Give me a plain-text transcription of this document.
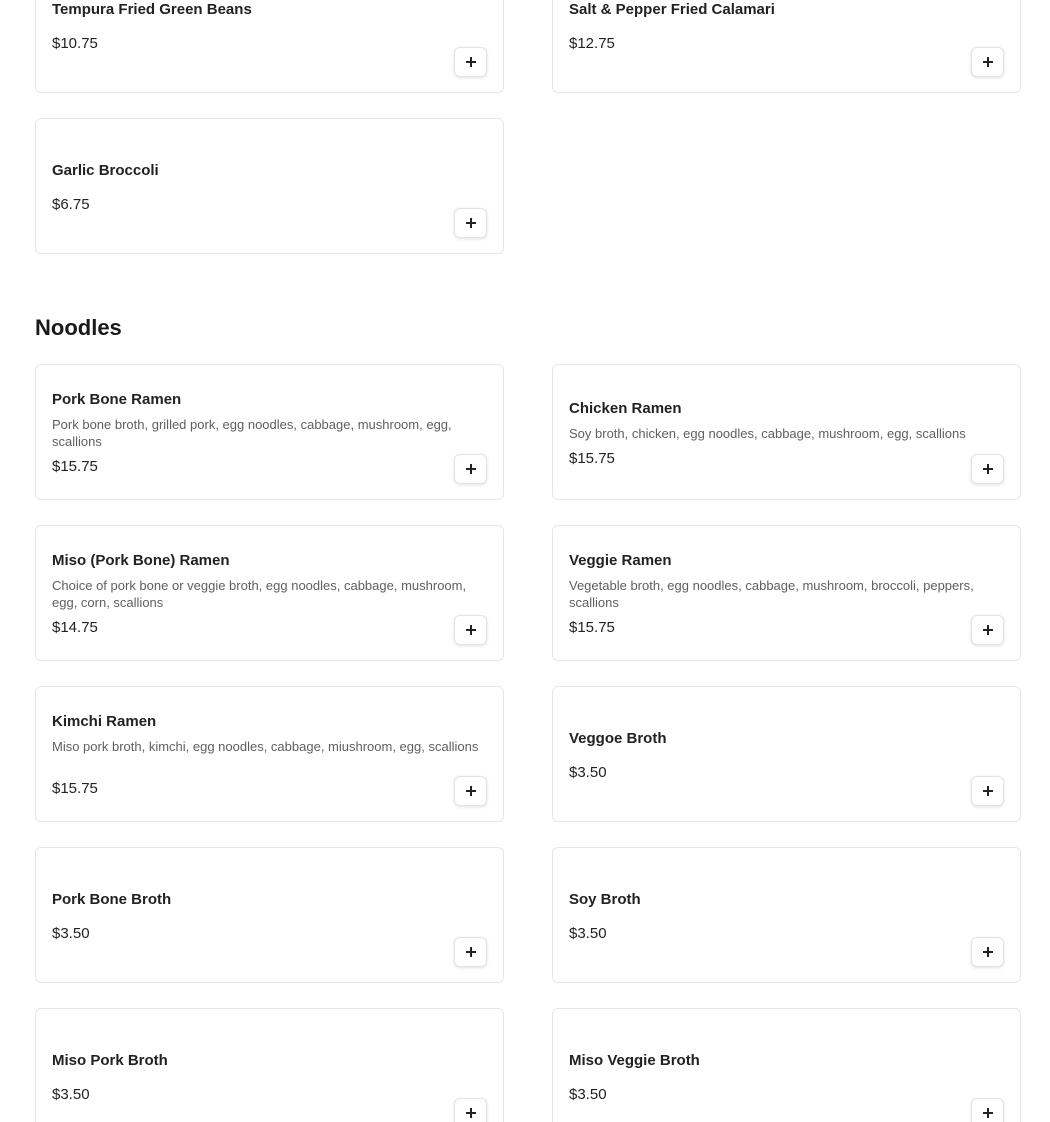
Tempura Fried Green Beans
$10.75
Salt & Pepper Fried Calamari
$12.75
Garlic Broccoli
$6.75
Noodles
Pork Bone Ramen
Pork bone broth, grilled pork, egg noodles, cabbage, mushroom, egg, scallions
$15.75
Chicken Ramen
Soy broth, chicken, egg noodles, cabbage, mushroom, egg, scallions
$15.75
Miso (Pork Bone) Ramen
Choice of pork bone or veggie broth, egg noodles, cabbage, mushroom, egg, corn, scallions
$14.75
Veggie Ramen
Vegetable broth, egg noodles, cabbage, mushroom, broccoli, peppers, scallions
$15.75
Kimchi Ramen
Miso pork broth, kimchi, egg noodles, cabbage, miushroom, egg, scallions
$15.75
Veggoe Broth
$3.50
Pork Bone Broth
$3.50
Soy Broth
$3.50
Miso Pork Broth
$3.50
Miso Veggie Broth
$3.50
